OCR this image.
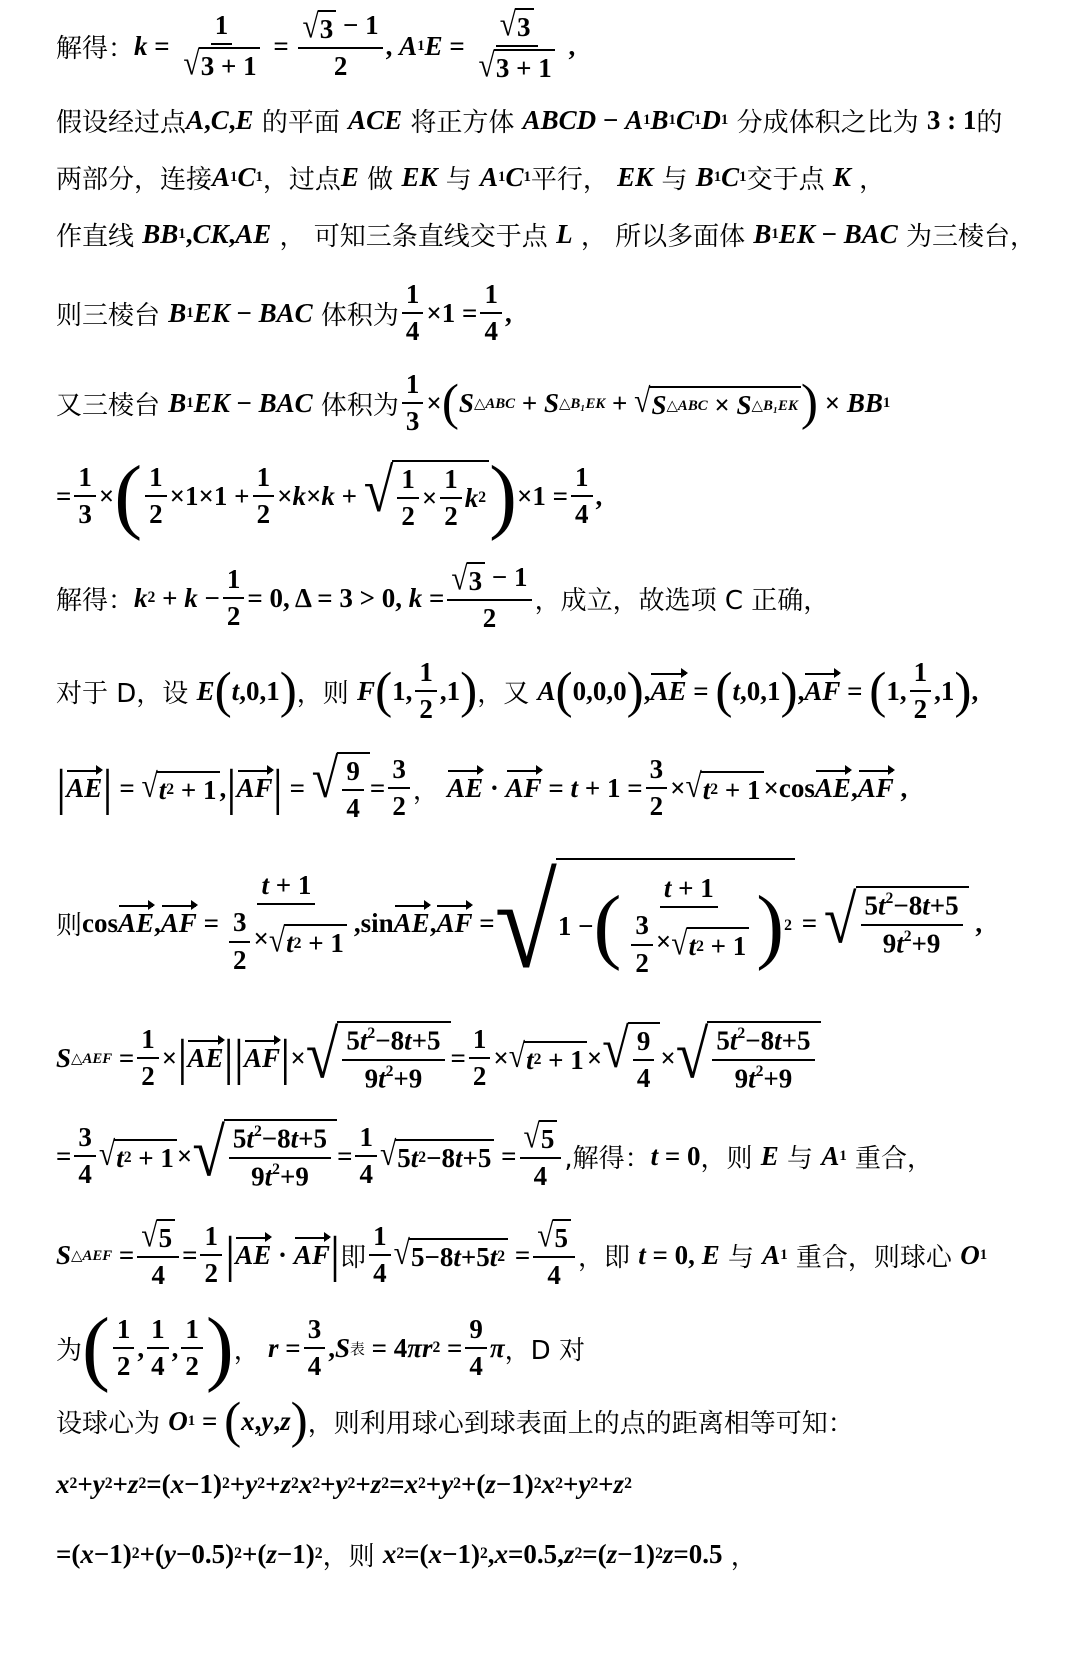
解得： $k = \frac{1}{√ 3 + 1} = \frac{√ 3 - 1}{2}$ , A 1 $E = \frac{√ 3}{√ 3 + 1}$ ,
假设经过点 A , C , E 的平面 ACE 将正方体 ABCD − A 1 B 1 C 1 D 1 分成体积之比为 3 : 1 的
两部分，连接 A 1 C 1 ，过点 E 做 EK 与 A 1 C 1 平行， EK 与 B 1 C 1 交于点 K ，
作直线 BB 1 , CK , AE ， 可知三条直线交于点 L ， 所以多面体 B 1 EK − BAC 为三棱台，
则三棱台 B 1 EK − BAC 体积为 $\frac{1}{4} \times 1 = \frac{1}{4}$ ,
又三棱台 B 1 EK − BAC 体积为 $\frac{1}{3}$ × ( S △ABC + S △B₁EK + √ S △ABC × S △B₁EK ) × BB 1
= $\frac{1}{3}$ × ( $\frac{1}{2} \times 1\times 1 + \frac{1}{2} \times k \times k$ + √ $\frac{1}{2} \times \frac{1}{2}$ k 2 ) $\times 1 = \frac{1}{4}$ ,
解得： k $2 + k - \frac{1}{2} = 0$, Δ = 3 > 0, $k = \frac{√ 3 - 1}{2}$ ，成立，故选项 C 正确，
对于 D，设 E ( t ,0,1 ) ，则 F ( 1, $\frac{1}{2} ,1$ ) ，又 A ( 0,0,0 ) , AE = ( t ,0,1 ) , AF = ( 1, $\frac{1}{2} ,1$ ) ,
| AE | = √ t 2 + 1 , | AF | = √ $\frac{9}{4} = \frac{3}{2}$ ， AE · AF = $t + 1 = \frac{3}{2}$ × √ t 2 + 1 ×cos AE , AF ,
则 cos AE , AF = $\frac{t + 1}{\frac{3}{2} \times √ t 2 + 1} ,\sin$ AE , AF = √ 1 − ( $\frac{t + 1}{\frac{3}{2} \times √ t 2 + 1}$ ) 2 = √ $\frac{5t^2-8t+5}{9t^2+9}$ ,
S △AEF = $\frac{1}{2}$ × | AE || AF | × √ $\frac{5t^2-8t+5}{9t^2+9} = \frac{1}{2}$ × √ t 2 + 1 × √ $\frac{9}{4}$ × √ $\frac{5t^2-8t+5}{9t^2+9}$
= $\frac{3}{4}$ √ t 2 + 1 × √ $\frac{5t^2-8t+5}{9t^2+9} = \frac{1}{4}$ √ 5 t 2 −8 $t +5 = \frac{√ 5}{4}$ ,解得： t = 0 ，则 E 与 A 1 重合，
S △AEF = $\frac{√ 5}{4} = \frac{1}{2}$ | AE · AF | 即 $\frac{1}{4}$ √ 5−8 t +5 t $2 = \frac{√ 5}{4}$ ，即 t = 0, E 与 A 1 重合，则球心 O 1
为 ( $\frac{1}{2}$ , $\frac{1}{4}$ , $\frac{1}{2}$ ) ， $r = \frac{3}{4}$ , S 表 = 4 πr $2 = \frac{9}{4}$ π ，D 对
设球心为 O 1 = ( x , y , z ) ，则利用球心到球表面上的点的距离相等可知：
x 2 + y 2 + z 2 =( x −1) 2 + y 2 + z 2 x 2 + y 2 + z 2 = x 2 + y 2 +( z −1) 2 x 2 + y 2 + z 2
=( x −1) 2 +( y −0.5) 2 +( z −1) 2 ，则 x 2 =( x −1) 2 , x =0.5, z 2 =( z −1) 2 z =0.5 ，
